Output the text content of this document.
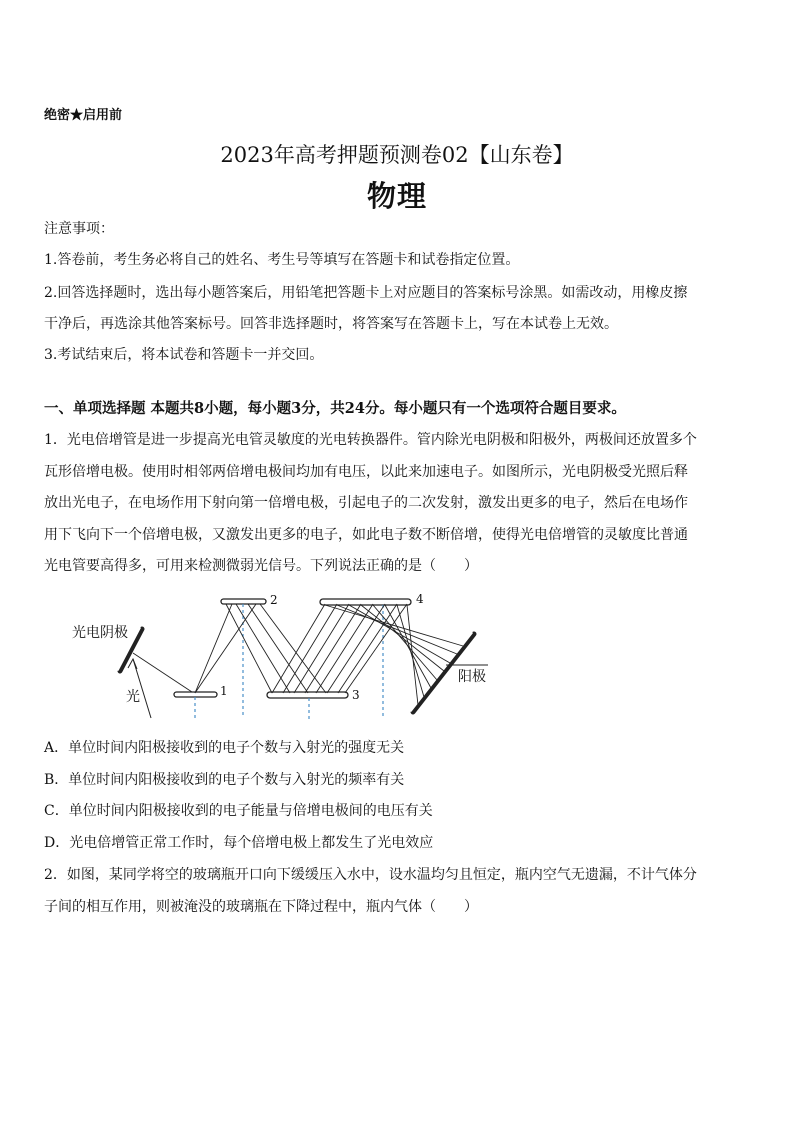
绝密★启用前
2023年高考押题预测卷02【山东卷】
物理
注意事项：
1.答卷前，考生务必将自己的姓名、考生号等填写在答题卡和试卷指定位置。
2.回答选择题时，选出每小题答案后，用铅笔把答题卡上对应题目的答案标号涂黑。如需改动，用橡皮擦
干净后，再选涂其他答案标号。回答非选择题时，将答案写在答题卡上，写在本试卷上无效。
3.考试结束后，将本试卷和答题卡一并交回。
一、单项选择题 本题共8小题，每小题3分，共24分。每小题只有一个选项符合题目要求。
1．光电倍增管是进一步提高光电管灵敏度的光电转换器件。管内除光电阴极和阳极外，两极间还放置多个
瓦形倍增电极。使用时相邻两倍增电极间均加有电压，以此来加速电子。如图所示，光电阴极受光照后释
放出光电子，在电场作用下射向第一倍增电极，引起电子的二次发射，激发出更多的电子，然后在电场作
用下飞向下一个倍增电极，又激发出更多的电子，如此电子数不断倍增，使得光电倍增管的灵敏度比普通
光电管要高得多，可用来检测微弱光信号。下列说法正确的是（　　）
光电阴极
光
阳极
1
2
3
4
A．单位时间内阳极接收到的电子个数与入射光的强度无关
B．单位时间内阳极接收到的电子个数与入射光的频率有关
C．单位时间内阳极接收到的电子能量与倍增电极间的电压有关
D．光电倍增管正常工作时，每个倍增电极上都发生了光电效应
2．如图，某同学将空的玻璃瓶开口向下缓缓压入水中，设水温均匀且恒定，瓶内空气无遗漏，不计气体分
子间的相互作用，则被淹没的玻璃瓶在下降过程中，瓶内气体（　　）
